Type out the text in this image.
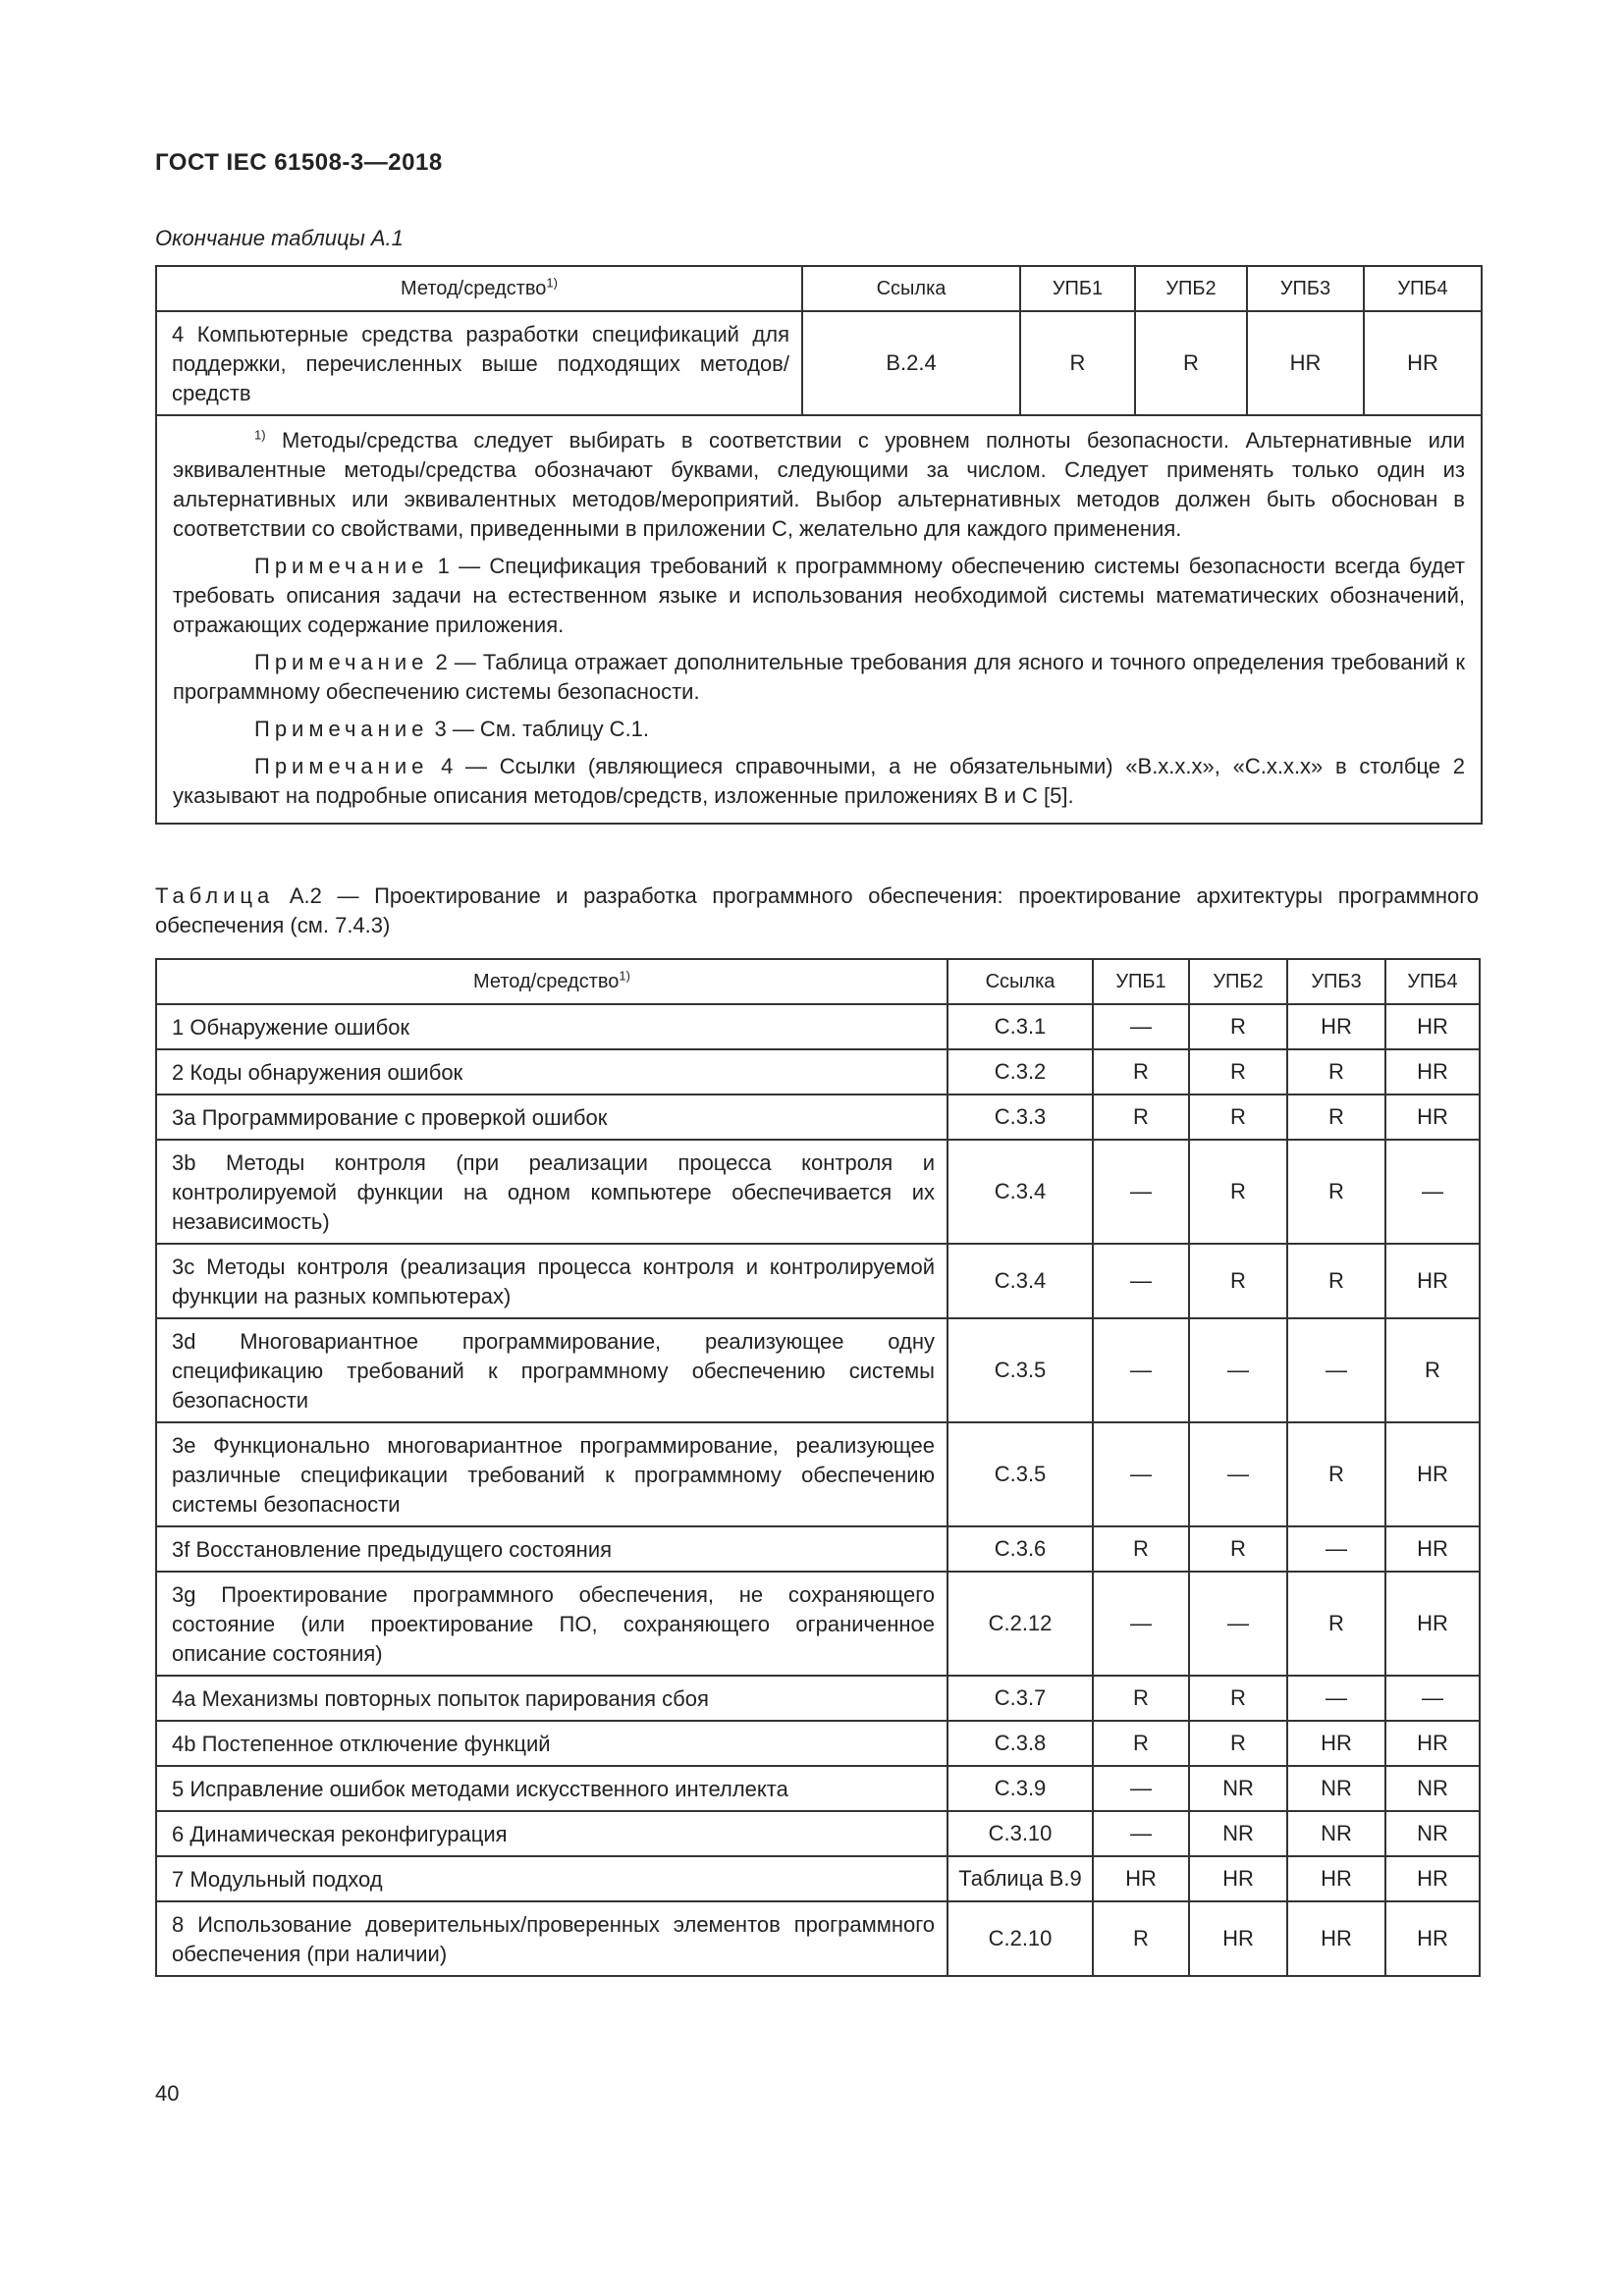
ГОСТ IEC 61508-3—2018
Окончание таблицы A.1
Метод/средство$^{1)}$	Ссылка	УПБ1	УПБ2	УПБ3	УПБ4
4 Компьютерные средства разработки спецификаций для поддержки, перечисленных выше подходящих методов/средств	B.2.4	R	R	HR	HR

$^{1)}$ Методы/средства следует выбирать в соответствии с уровнем полноты безопасности. Альтернативные или эквивалентные методы/средства обозначают буквами, следующими за числом. Следует применять только один из альтернативных или эквивалентных методов/мероприятий. Выбор альтернативных методов должен быть обоснован в соответствии со свойствами, приведенными в приложении C, желательно для каждого применения.

Примечание 1 — Спецификация требований к программному обеспечению системы безопасности всегда будет требовать описания задачи на естественном языке и использования необходимой системы математических обозначений, отражающих содержание приложения.

Примечание 2 — Таблица отражает дополнительные требования для ясного и точного определения требований к программному обеспечению системы безопасности.

Примечание 3 — См. таблицу C.1.

Примечание 4 — Ссылки (являющиеся справочными, а не обязательными) «B.x.x.x», «C.x.x.x» в столбце 2 указывают на подробные описания методов/средств, изложенные приложениях B и C [5].					

Таблица A.2 — Проектирование и разработка программного обеспечения: проектирование архитектуры программного обеспечения (см. 7.4.3)
Метод/средство$^{1)}$	Ссылка	УПБ1	УПБ2	УПБ3	УПБ4
1 Обнаружение ошибок	C.3.1	—	R	HR	HR
2 Коды обнаружения ошибок	C.3.2	R	R	R	HR
3a Программирование с проверкой ошибок	C.3.3	R	R	R	HR
3b Методы контроля (при реализации процесса контроля и контролируемой функции на одном компьютере обеспечивается их независимость)	C.3.4	—	R	R	—
3c Методы контроля (реализация процесса контроля и контролируемой функции на разных компьютерах)	C.3.4	—	R	R	HR
3d Многовариантное программирование, реализующее одну спецификацию требований к программному обеспечению системы безопасности	C.3.5	—	—	—	R
3e Функционально многовариантное программирование, реализующее различные спецификации требований к программному обеспечению системы безопасности	C.3.5	—	—	R	HR
3f Восстановление предыдущего состояния	C.3.6	R	R	—	HR
3g Проектирование программного обеспечения, не сохраняющего состояние (или проектирование ПО, сохраняющего ограниченное описание состояния)	C.2.12	—	—	R	HR
4a Механизмы повторных попыток парирования сбоя	C.3.7	R	R	—	—
4b Постепенное отключение функций	C.3.8	R	R	HR	HR
5 Исправление ошибок методами искусственного интеллекта	C.3.9	—	NR	NR	NR
6 Динамическая реконфигурация	C.3.10	—	NR	NR	NR
7 Модульный подход	Таблица B.9	HR	HR	HR	HR
8 Использование доверительных/проверенных элементов программного обеспечения (при наличии)	C.2.10	R	HR	HR	HR
40
